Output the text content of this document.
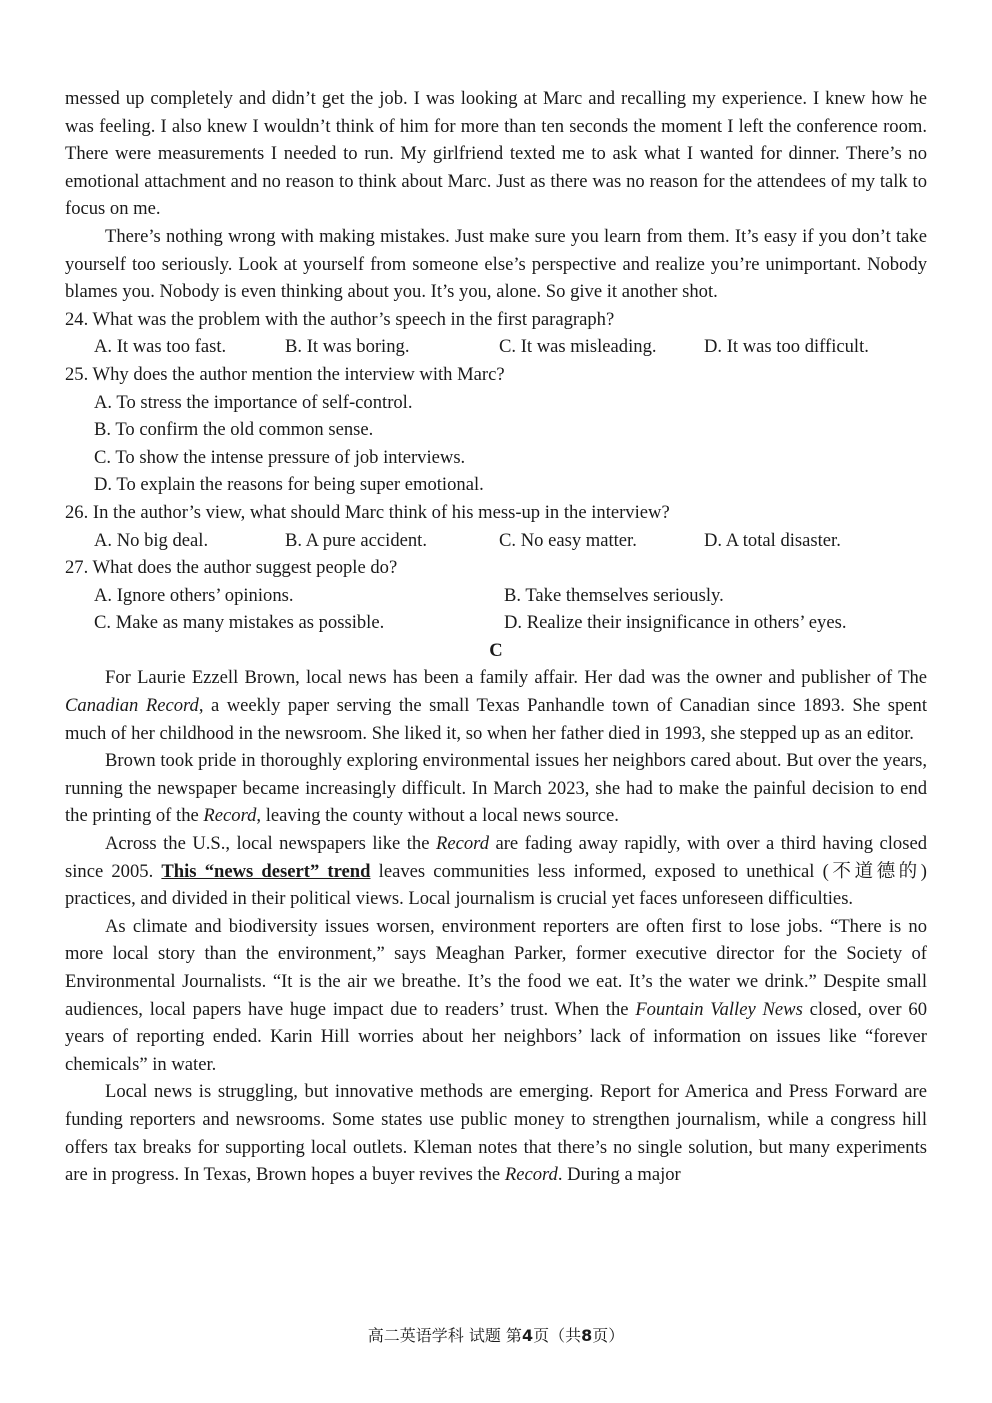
messed up completely and didn’t get the job. I was looking at Marc and recalling my experience. I knew how he was feeling. I also knew I wouldn’t think of him for more than ten seconds the moment I left the conference room. There were measurements I needed to run. My girlfriend texted me to ask what I wanted for dinner. There’s no emotional attachment and no reason to think about Marc. Just as there was no reason for the attendees of my talk to focus on me.

There’s nothing wrong with making mistakes. Just make sure you learn from them. It’s easy if you don’t take yourself too seriously. Look at yourself from someone else’s perspective and realize you’re unimportant. Nobody blames you. Nobody is even thinking about you. It’s you, alone. So give it another shot.

24. What was the problem with the author’s speech in the first paragraph?
A. It was too fast.	B. It was boring.	C. It was misleading.	D. It was too difficult.
25. Why does the author mention the interview with Marc?
A. To stress the importance of self-control.
B. To confirm the old common sense.
C. To show the intense pressure of job interviews.
D. To explain the reasons for being super emotional.
26. In the author’s view, what should Marc think of his mess-up in the interview?
A. No big deal.	B. A pure accident.	C. No easy matter.	D. A total disaster.
27. What does the author suggest people do?
A. Ignore others’ opinions.	B. Take themselves seriously.
C. Make as many mistakes as possible.	D. Realize their insignificance in others’ eyes.
C

For Laurie Ezzell Brown, local news has been a family affair. Her dad was the owner and publisher of The Canadian Record, a weekly paper serving the small Texas Panhandle town of Canadian since 1893. She spent much of her childhood in the newsroom. She liked it, so when her father died in 1993, she stepped up as an editor.

Brown took pride in thoroughly exploring environmental issues her neighbors cared about. But over the years, running the newspaper became increasingly difficult. In March 2023, she had to make the painful decision to end the printing of the Record, leaving the county without a local news source.

Across the U.S., local newspapers like the Record are fading away rapidly, with over a third having closed since 2005. This “news desert” trend leaves communities less informed, exposed to unethical (不道德的) practices, and divided in their political views. Local journalism is crucial yet faces unforeseen difficulties.

As climate and biodiversity issues worsen, environment reporters are often first to lose jobs. “There is no more local story than the environment,” says Meaghan Parker, former executive director for the Society of Environmental Journalists. “It is the air we breathe. It’s the food we eat. It’s the water we drink.” Despite small audiences, local papers have huge impact due to readers’ trust. When the Fountain Valley News closed, over 60 years of reporting ended. Karin Hill worries about her neighbors’ lack of information on issues like “forever chemicals” in water.

Local news is struggling, but innovative methods are emerging. Report for America and Press Forward are funding reporters and newsrooms. Some states use public money to strengthen journalism, while a congress hill offers tax breaks for supporting local outlets. Kleman notes that there’s no single solution, but many experiments are in progress. In Texas, Brown hopes a buyer revives the Record. During a major

高二英语学科 试题 第4页（共8页）
